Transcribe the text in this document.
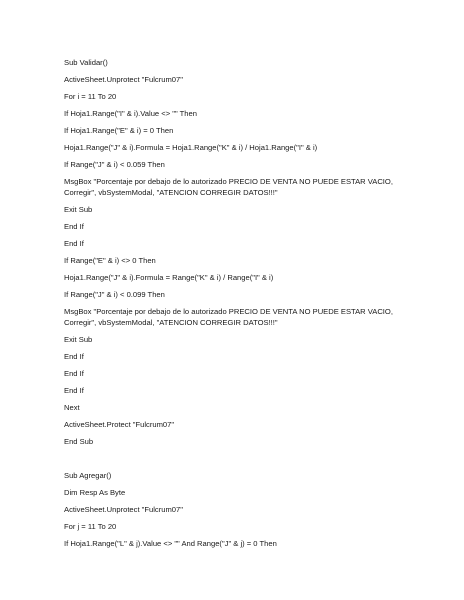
Sub Validar()
ActiveSheet.Unprotect "Fulcrum07"
For i = 11 To 20
If Hoja1.Range("I" & i).Value <> "" Then
If Hoja1.Range("E" & i) = 0 Then
Hoja1.Range("J" & i).Formula = Hoja1.Range("K" & i) / Hoja1.Range("I" & i)
If Range("J" & i) < 0.059 Then
MsgBox "Porcentaje por debajo de lo autorizado PRECIO DE VENTA NO PUEDE ESTAR VACIO, Corregir", vbSystemModal, "ATENCION CORREGIR DATOS!!!"
Exit Sub
End If
End If
If Range("E" & i) <> 0 Then
Hoja1.Range("J" & i).Formula = Range("K" & i) / Range("I" & i)
If Range("J" & i) < 0.099 Then
MsgBox "Porcentaje por debajo de lo autorizado PRECIO DE VENTA NO PUEDE ESTAR VACIO, Corregir", vbSystemModal, "ATENCION CORREGIR DATOS!!!"
Exit Sub
End If
End If
End If
Next
ActiveSheet.Protect "Fulcrum07"
End Sub
Sub Agregar()
Dim Resp As Byte
ActiveSheet.Unprotect "Fulcrum07"
For j = 11 To 20
If Hoja1.Range("L" & j).Value <> "" And Range("J" & j) = 0 Then
